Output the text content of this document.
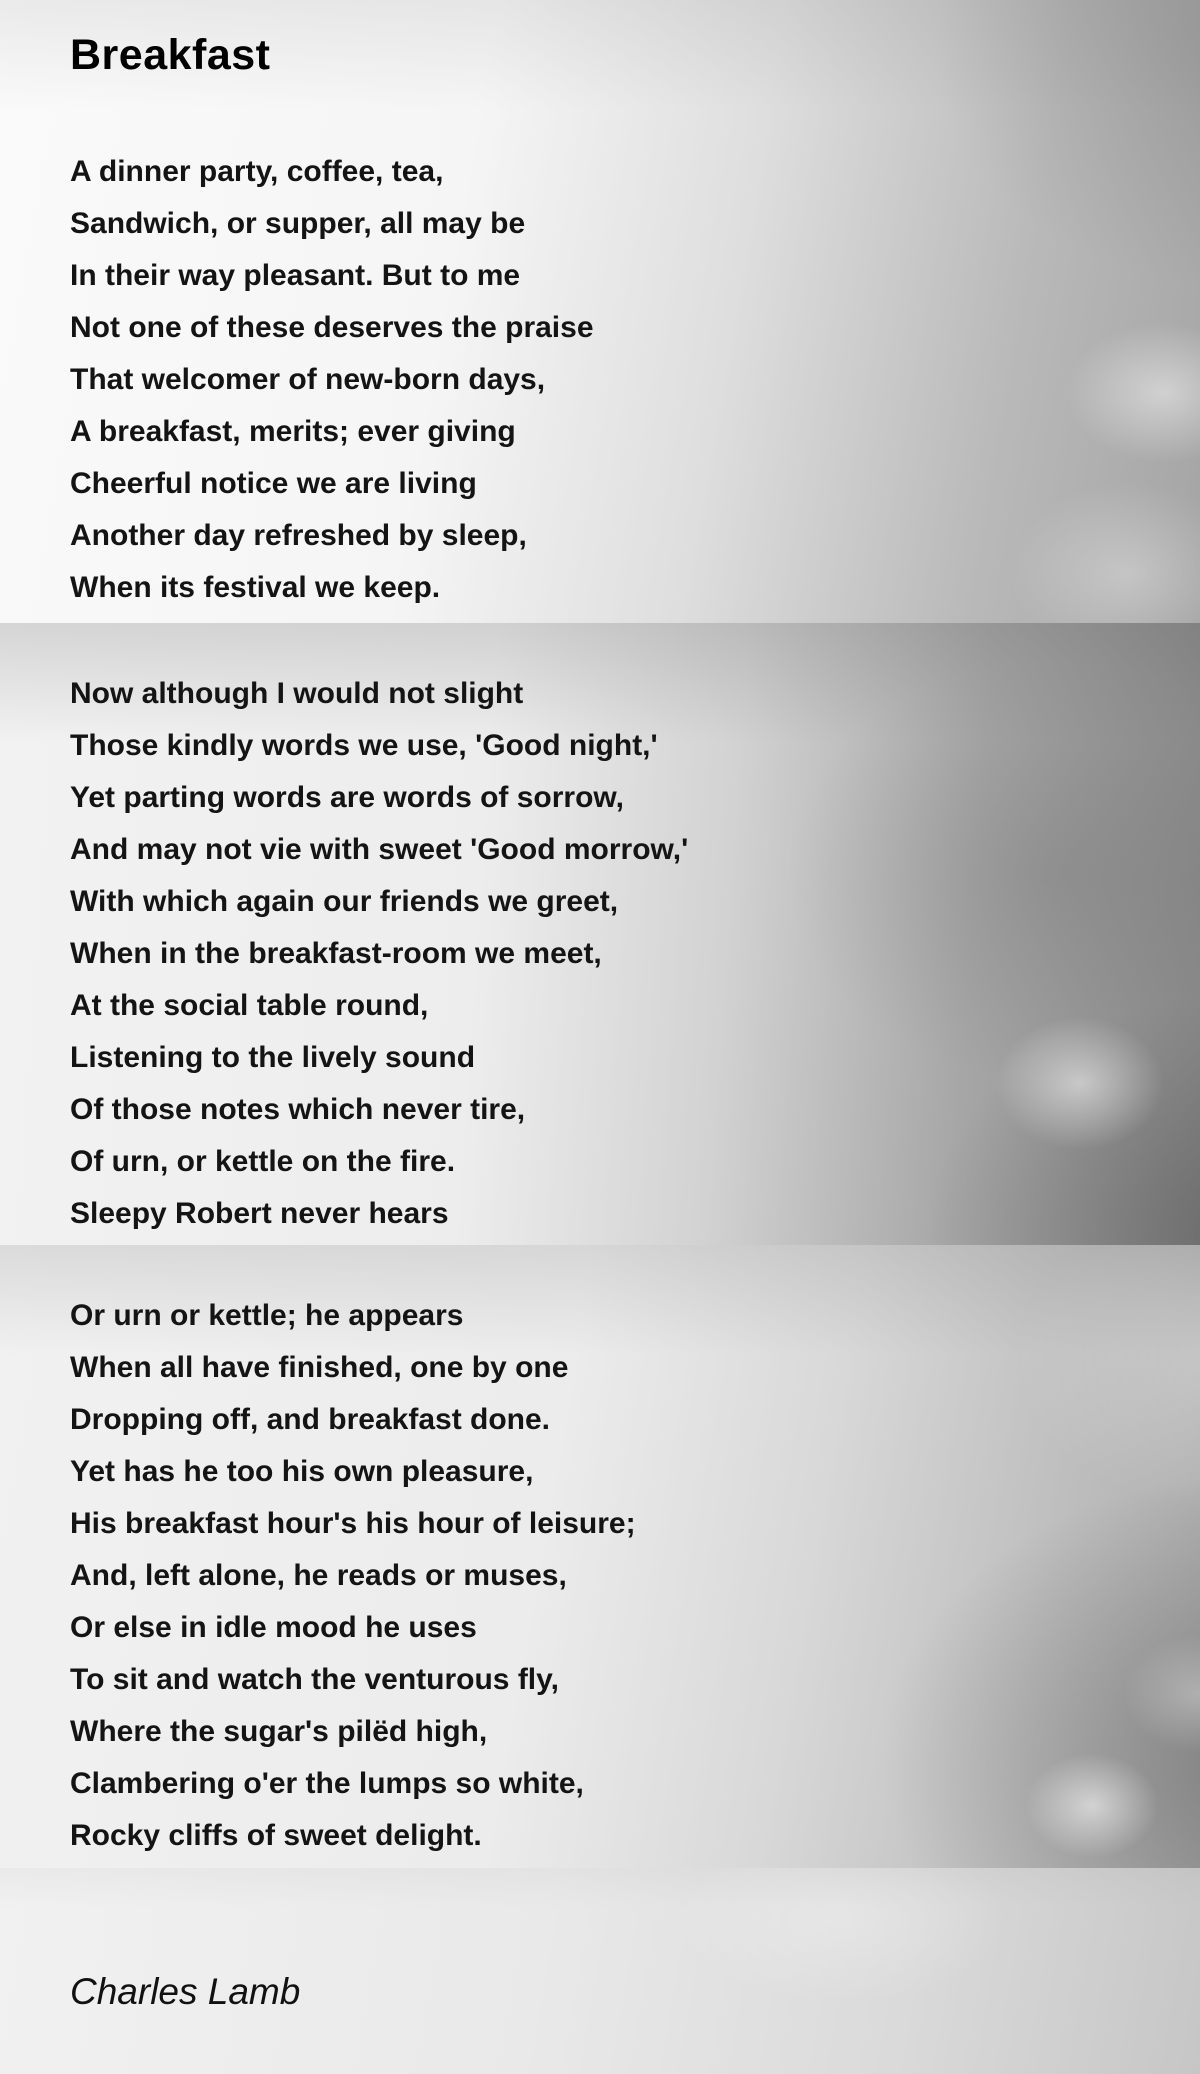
Breakfast
A dinner party, coffee, tea,
Sandwich, or supper, all may be
In their way pleasant. But to me
Not one of these deserves the praise
That welcomer of new-born days,
A breakfast, merits; ever giving
Cheerful notice we are living
Another day refreshed by sleep,
When its festival we keep.
Now although I would not slight
Those kindly words we use, 'Good night,'
Yet parting words are words of sorrow,
And may not vie with sweet 'Good morrow,'
With which again our friends we greet,
When in the breakfast-room we meet,
At the social table round,
Listening to the lively sound
Of those notes which never tire,
Of urn, or kettle on the fire.
Sleepy Robert never hears
Or urn or kettle; he appears
When all have finished, one by one
Dropping off, and breakfast done.
Yet has he too his own pleasure,
His breakfast hour's his hour of leisure;
And, left alone, he reads or muses,
Or else in idle mood he uses
To sit and watch the venturous fly,
Where the sugar's pilëd high,
Clambering o'er the lumps so white,
Rocky cliffs of sweet delight.
Charles Lamb
